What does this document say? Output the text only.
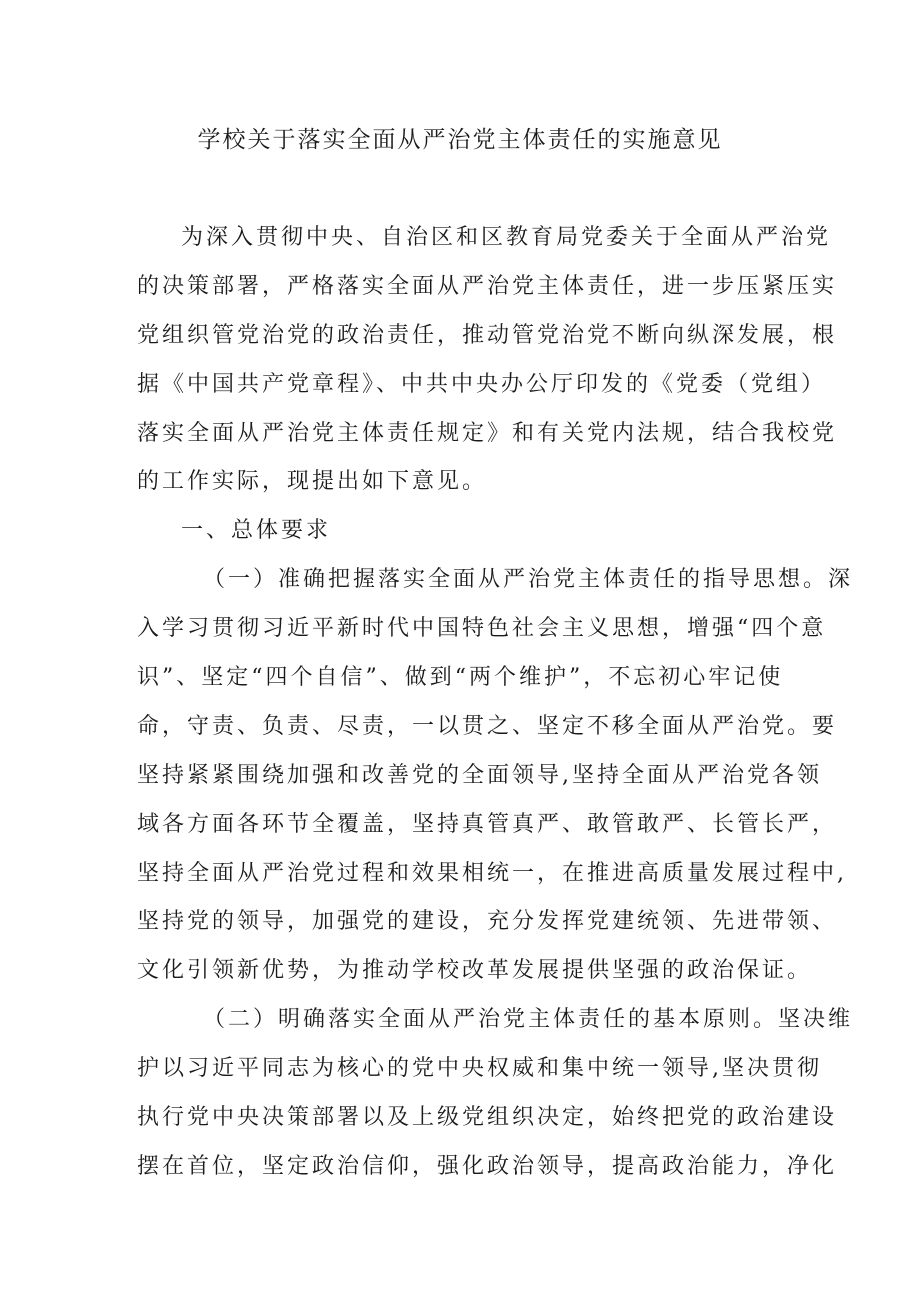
学校关于落实全面从严治党主体责任的实施意见
为深入贯彻中央、自治区和区教育局党委关于全面从严治党
的决策部署，严格落实全面从严治党主体责任，进一步压紧压实
党组织管党治党的政治责任，推动管党治党不断向纵深发展，根
据《中国共产党章程》、中共中央办公厅印发的《党委（党组）
落实全面从严治党主体责任规定》和有关党内法规，结合我校党
的工作实际，现提出如下意见。
一、总体要求
（一）准确把握落实全面从严治党主体责任的指导思想。深
入学习贯彻习近平新时代中国特色社会主义思想，增强“四个意
识”、坚定“四个自信”、做到“两个维护”，不忘初心牢记使
命，守责、负责、尽责，一以贯之、坚定不移全面从严治党。要
坚持紧紧围绕加强和改善党的全面领导,坚持全面从严治党各领
域各方面各环节全覆盖，坚持真管真严、敢管敢严、长管长严，
坚持全面从严治党过程和效果相统一，在推进高质量发展过程中,
坚持党的领导，加强党的建设，充分发挥党建统领、先进带领、
文化引领新优势，为推动学校改革发展提供坚强的政治保证。
（二）明确落实全面从严治党主体责任的基本原则。坚决维
护以习近平同志为核心的党中央权威和集中统一领导,坚决贯彻
执行党中央决策部署以及上级党组织决定，始终把党的政治建设
摆在首位，坚定政治信仰，强化政治领导，提高政治能力，净化
